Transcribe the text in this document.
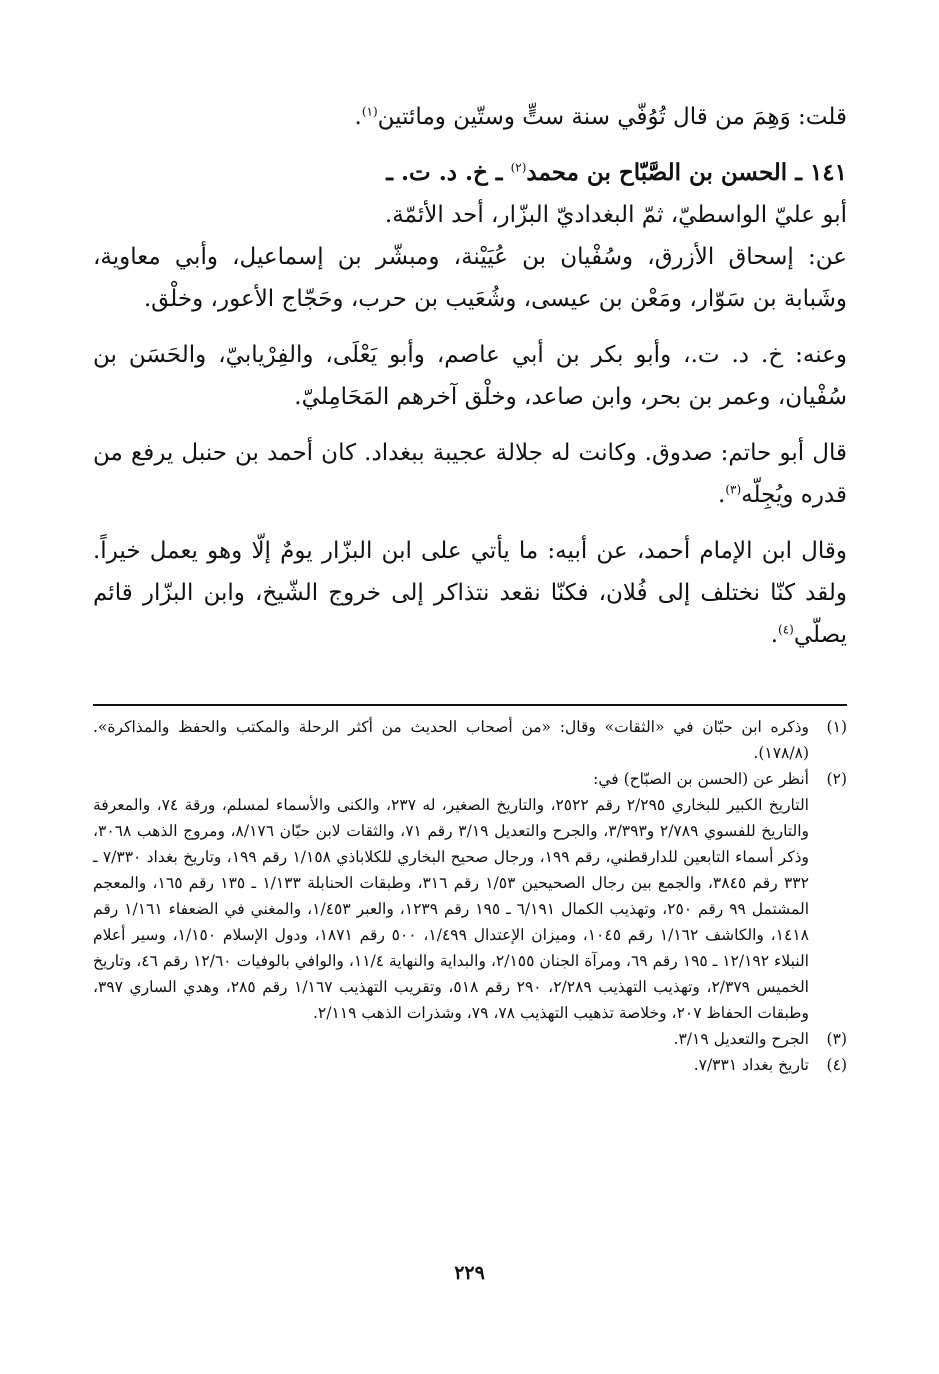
قلت: وَهِمَ من قال تُوُفّي سنة ستٍّ وستّين ومائتين$^{(١)}$.

١٤١ ـ الحسن بن الصَّبّاح بن محمد$^{(٢)}$ ـ خ. د. ت. ـ

أبو عليّ الواسطيّ، ثمّ البغداديّ البزّار، أحد الأئمّة.

عن: إسحاق الأزرق، وسُفْيان بن عُيَيْنة، ومبشّر بن إسماعيل، وأبي معاوية، وشَبابة بن سَوّار، ومَعْن بن عيسى، وشُعَيب بن حرب، وحَجّاج الأعور، وخلْق.

وعنه: خ. د. ت.، وأبو بكر بن أبي عاصم، وأبو يَعْلَى، والفِرْيابيّ، والحَسَن بن سُفْيان، وعمر بن بحر، وابن صاعد، وخلْق آخرهم المَحَامِليّ.

قال أبو حاتم: صدوق. وكانت له جلالة عجيبة ببغداد. كان أحمد بن حنبل يرفع من قدره ويُجِلّه$^{(٣)}$.

وقال ابن الإمام أحمد، عن أبيه: ما يأتي على ابن البزّار يومٌ إلّا وهو يعمل خيراً. ولقد كنّا نختلف إلى فُلان، فكنّا نقعد نتذاكر إلى خروج الشّيخ، وابن البزّار قائم يصلّي$^{(٤)}$.

(١)
وذكره ابن حبّان في «الثقات» وقال: «من أصحاب الحديث من أكثر الرحلة والمكتب والحفظ والمذاكرة». (١٧٨/٨).
(٢)
أنظر عن (الحسن بن الصبّاح) في:
التاريخ الكبير للبخاري ٢/٢٩٥ رقم ٢٥٢٢، والتاريخ الصغير، له ٢٣٧، والكنى والأسماء لمسلم، ورقة ٧٤، والمعرفة والتاريخ للفسوي ٢/٧٨٩ و٣/٣٩٣، والجرح والتعديل ٣/١٩ رقم ٧١، والثقات لابن حبّان ٨/١٧٦، ومروج الذهب ٣٠٦٨، وذكر أسماء التابعين للدارقطني، رقم ١٩٩، ورجال صحيح البخاري للكلاباذي ١/١٥٨ رقم ١٩٩، وتاريخ بغداد ٧/٣٣٠ ـ ٣٣٢ رقم ٣٨٤٥، والجمع بين رجال الصحيحين ١/٥٣ رقم ٣١٦، وطبقات الحنابلة ١/١٣٣ ـ ١٣٥ رقم ١٦٥، والمعجم المشتمل ٩٩ رقم ٢٥٠، وتهذيب الكمال ٦/١٩١ ـ ١٩٥ رقم ١٢٣٩، والعبر ١/٤٥٣، والمغني في الضعفاء ١/١٦١ رقم ١٤١٨، والكاشف ١/١٦٢ رقم ١٠٤٥، وميزان الإعتدال ١/٤٩٩، ٥٠٠ رقم ١٨٧١، ودول الإسلام ١/١٥٠، وسير أعلام النبلاء ١٢/١٩٢ ـ ١٩٥ رقم ٦٩، ومرآة الجنان ٢/١٥٥، والبداية والنهاية ١١/٤، والوافي بالوفيات ١٢/٦٠ رقم ٤٦، وتاريخ الخميس ٢/٣٧٩، وتهذيب التهذيب ٢/٢٨٩، ٢٩٠ رقم ٥١٨، وتقريب التهذيب ١/١٦٧ رقم ٢٨٥، وهدي الساري ٣٩٧، وطبقات الحفاظ ٢٠٧، وخلاصة تذهيب التهذيب ٧٨، ٧٩، وشذرات الذهب ٢/١١٩.
(٣)
الجرح والتعديل ٣/١٩.
(٤)
تاريخ بغداد ٧/٣٣١.
٢٢٩
